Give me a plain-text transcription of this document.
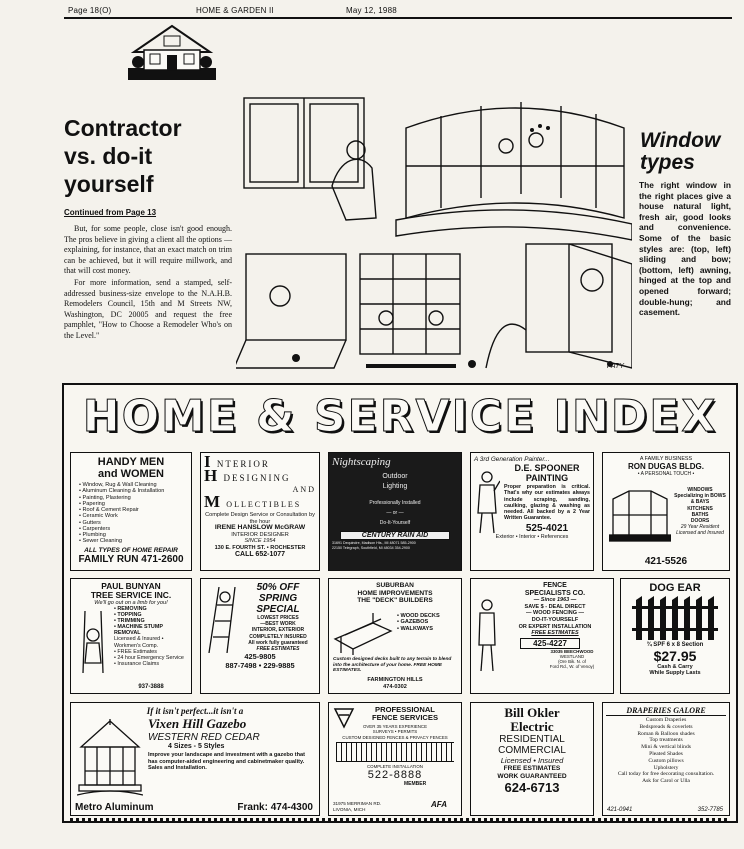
Page 18(O)	HOME & GARDEN II	May 12, 1988
Contractor
vs. do-it
yourself
Continued from Page 13

But, for some people, close isn't good enough. The pros believe in giving a client all the options — explaining, for instance, that an exact match on trim can be achieved, but it will require millwork, and that will cost money.

For more information, send a stamped, self-addressed business-size envelope to the N.A.H.B. Remodelers Council, 15th and M Streets NW, Washington, DC 20005 and request the free pamphlet, "How to Choose a Remodeler Who's on the Level."

PATY
Window
types
The right window in the right places give a house natural light, fresh air, good looks and convenience. Some of the basic styles are: (top, left) sliding and bow; (bottom, left) awning, hinged at the top and opened forward; double-hung; and casement.
HOME & SERVICE INDEX
HANDY MEN
and WOMEN
• Window, Rug & Wall Cleaning
• Aluminum Cleaning & Installation
• Painting, Plastering
• Papering
• Roof & Cement Repair
• Ceramic Work
• Gutters
• Carpenters
• Plumbing
• Sewer Cleaning
ALL TYPES OF HOME REPAIR
FAMILY RUN 471-2600
I NTERIOR
H DESIGNING
AND
M OLLECTIBLES
Complete Design Service or Consultation by the hour
IRENE HANSLOW McGRAW
INTERIOR DESIGNER
SINCE 1954
130 E. FOURTH ST. • ROCHESTER
CALL 652-1077
Nightscaping
Outdoor
Lighting
Professionally Installed
— or —
Do-It-Yourself
CENTURY RAIN AID
31691 Dequindre, Madison Hts., MI 48071 585-2900
22150 Telegraph, Southfield, MI 48034 354-2900
A 3rd Generation Painter...
D.E. SPOONER
PAINTING
Proper preparation is critical. That's why our estimates always include scraping, sanding, caulking, glazing & washing as needed. All backed by a 2 Year Written Guarantee.
525-4021
Exterior • Interior • References
A FAMILY BUSINESS
RON DUGAS BLDG.
• A PERSONAL TOUCH •
WINDOWS Specializing in BOWS & BAYS
KITCHENS
BATHS
DOORS
29 Year Resident Licensed and Insured
421-5526
PAUL BUNYAN
TREE SERVICE INC.
We'll go out on a limb for you!
• REMOVING
• TOPPING
• TRIMMING
• MACHINE STUMP REMOVAL
Licensed & Insured • Workmen's Comp.
• FREE Estimates
• 24 hour Emergency Service
• Insurance Claims
937-3888
50% OFF
SPRING
SPECIAL
LOWEST PRICES
—BEST WORK
INTERIOR, EXTERIOR
COMPLETELY INSURED
All work fully guaranteed
FREE ESTIMATES
425-9805
887-7498 • 229-9885
SUBURBAN
HOME IMPROVEMENTS
THE "DECK" BUILDERS
• WOOD DECKS
• GAZEBOS
• WALKWAYS
Custom designed decks built to any terrain to blend into the architecture of your home. FREE HOME ESTIMATES.
FARMINGTON HILLS
474-0302
FENCE
SPECIALISTS CO.
— Since 1963 —
SAVE $ - DEAL DIRECT
— WOOD FENCING —
DO-IT-YOURSELF
OR EXPERT INSTALLATION
FREE ESTIMATES
425-4227
33035 BEECHWOOD
WESTLAND
(Ore Bik. N. of
Ford Rd., W. of Venoy)
DOG EAR
¾ SPF 6 x 8 Section
$27.95
Cash & Carry
While Supply Lasts
If it isn't perfect...it isn't a
Vixen Hill Gazebo
WESTERN RED CEDAR
4 Sizes - 5 Styles
Improve your landscape and investment with a gazebo that has computer-aided engineering and cabinetmaker quality. Sales and Installation.
Metro Aluminum	Frank: 474-4300
PROFESSIONAL
FENCE SERVICES
OVER 35 YEARS EXPERIENCE
SURVEYS • PERMITS
CUSTOM DESIGNED FENCES & PRIVACY FENCES
COMPLETE INSTALLATION
522-8888
MEMBER
31975 MERRIMAN RD.
LIVONIA, MICH
AFA
Bill Okler
Electric
RESIDENTIAL
COMMERCIAL
Licensed • Insured
FREE ESTIMATES
WORK GUARANTEED
624-6713
DRAPERIES GALORE
Custom Draperies
Bedspreads & coverlets
Roman & Balloon shades
Top treatments
Mini & vertical blinds
Pleated Shades
Custom pillows
Upholstery
Call today for free decorating consultation.
Ask for Carol or Ulla
421-0941	352-7785
